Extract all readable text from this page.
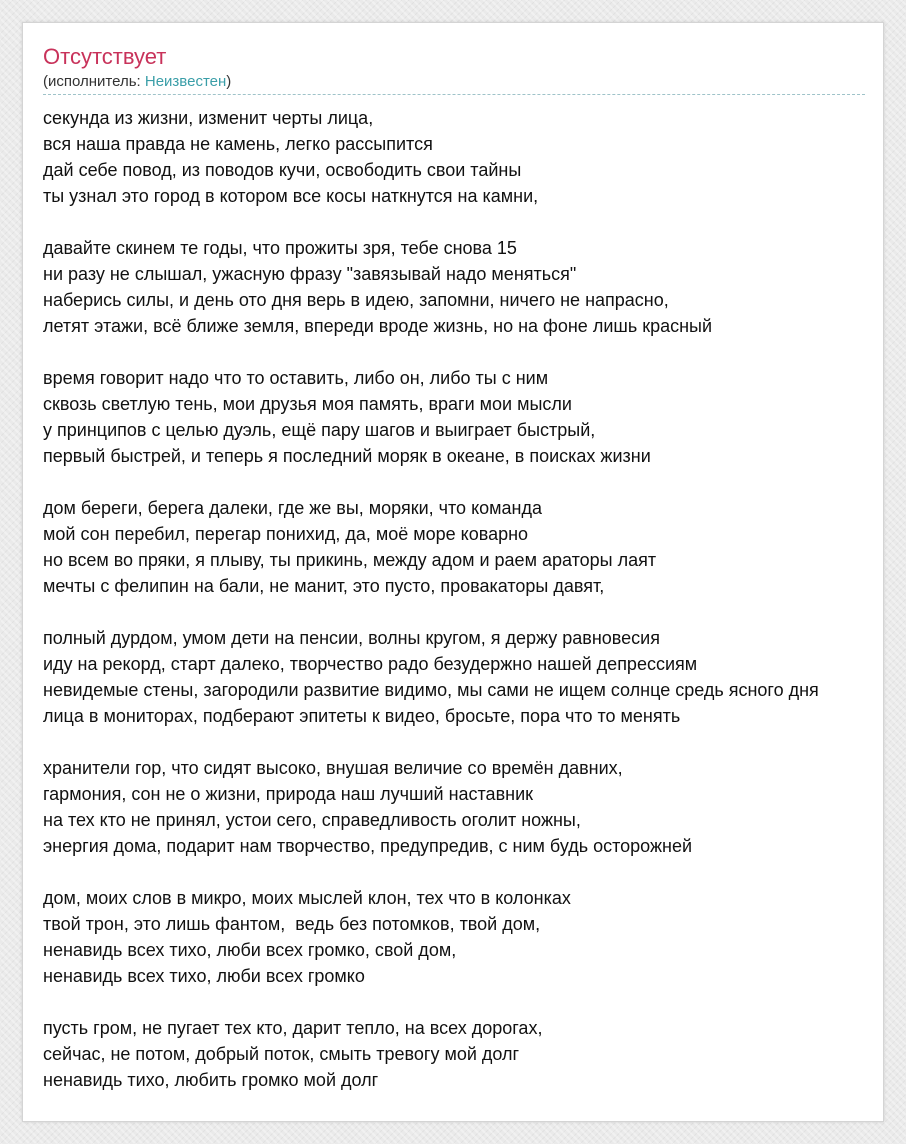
Отсутствует
(исполнитель: Неизвестен)
секунда из жизни, изменит черты лица,
вся наша правда не камень, легко рассыпится
дай себе повод, из поводов кучи, освободить свои тайны
ты узнал это город в котором все косы наткнутся на камни,
давайте скинем те годы, что прожиты зря, тебе снова 15
ни разу не слышал, ужасную фразу "завязывай надо меняться"
наберись силы, и день ото дня верь в идею, запомни, ничего не напрасно,
летят этажи, всё ближе земля, впереди вроде жизнь, но на фоне лишь красный
время говорит надо что то оставить, либо он, либо ты с ним
сквозь светлую тень, мои друзья моя память, враги мои мысли
у принципов с целью дуэль, ещё пару шагов и выиграет быстрый,
первый быстрей, и теперь я последний моряк в океане, в поисках жизни
дом береги, берега далеки, где же вы, моряки, что команда
мой сон перебил, перегар понихид, да, моё море коварно
но всем во пряки, я плыву, ты прикинь, между адом и раем араторы лаят
мечты с фелипин на бали, не манит, это пусто, провакаторы давят,
полный дурдом, умом дети на пенсии, волны кругом, я держу равновесия
иду на рекорд, старт далеко, творчество радо безудержно нашей депрессиям
невидемые стены, загородили развитие видимо, мы сами не ищем солнце средь ясного дня
лица в мониторах, подберают эпитеты к видео, бросьте, пора что то менять
хранители гор, что сидят высоко, внушая величие со времён давних,
гармония, сон не о жизни, природа наш лучший наставник
на тех кто не принял, устои сего, справедливость оголит ножны,
энергия дома, подарит нам творчество, предупредив, с ним будь осторожней
дом, моих слов в микро, моих мыслей клон, тех что в колонках
твой трон, это лишь фантом,  ведь без потомков, твой дом,
ненавидь всех тихо, люби всех громко, свой дом,
ненавидь всех тихо, люби всех громко
пусть гром, не пугает тех кто, дарит тепло, на всех дорогах,
сейчас, не потом, добрый поток, смыть тревогу мой долг
ненавидь тихо, любить громко мой долг
